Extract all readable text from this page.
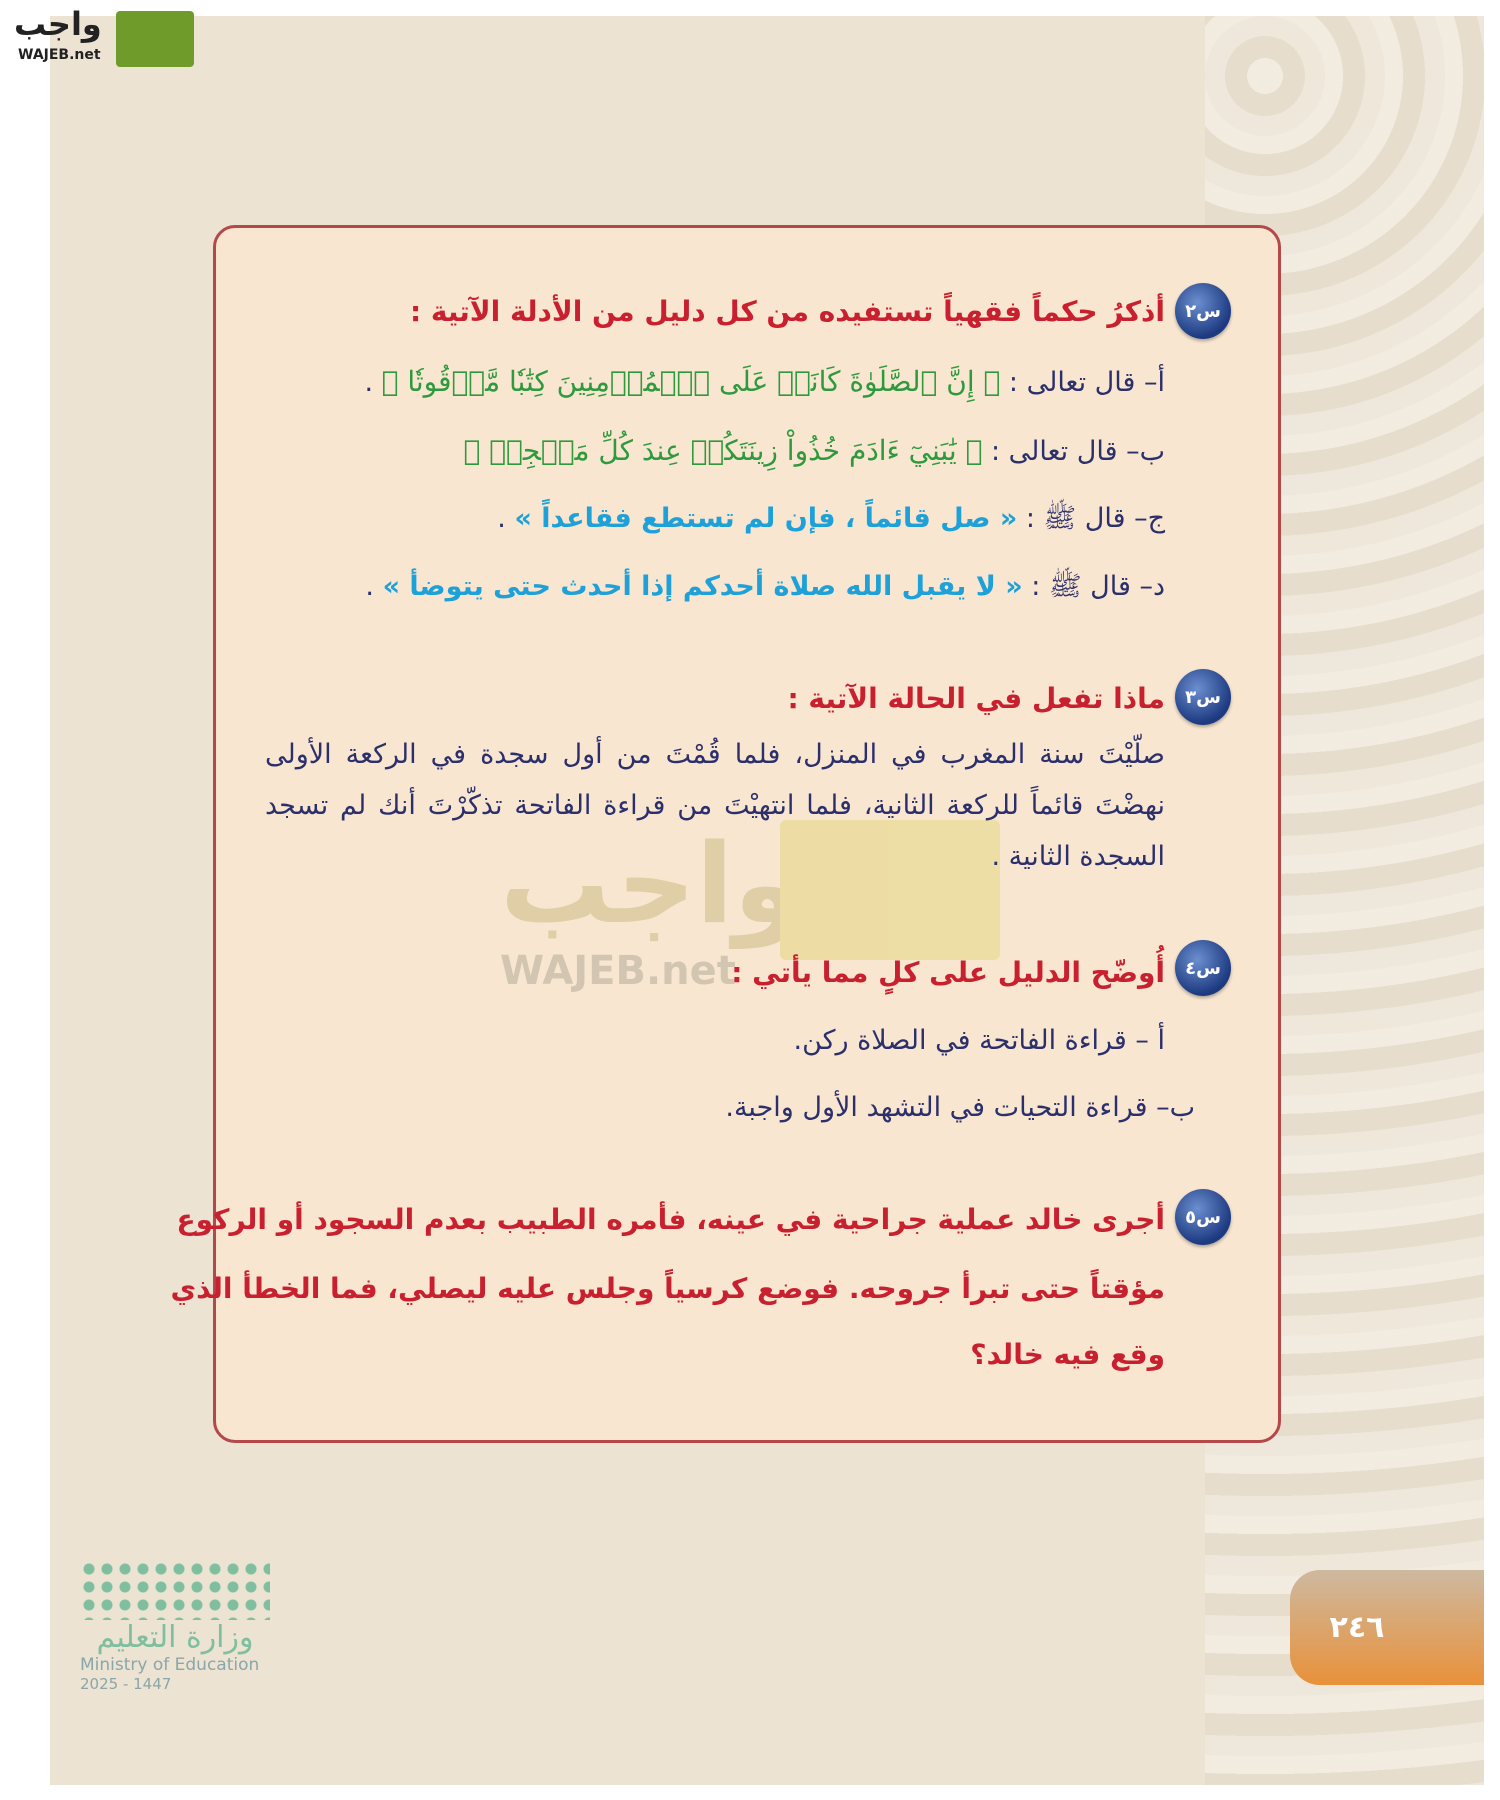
واجب
WAJEB.net
واجب
WAJEB.net
س٢
أذكرُ حكماً فقهياً تستفيده من كل دليل من الأدلة الآتية :
أ– قال تعالى : ﴿ إِنَّ ٱلصَّلَوٰةَ كَانَتۡ عَلَى ٱلۡمُؤۡمِنِينَ كِتَٰبٗا مَّوۡقُوتٗا ﴾ .
ب– قال تعالى : ﴿ يَٰبَنِيٓ ءَادَمَ خُذُواْ زِينَتَكُمۡ عِندَ كُلِّ مَسۡجِدٖ ﴾
ج– قال ﷺ : « صل قائماً ، فإن لم تستطع فقاعداً » .
د– قال ﷺ : « لا يقبل الله صلاة أحدكم إذا أحدث حتى يتوضأ » .
س٣
ماذا تفعل في الحالة الآتية :
صلّيْتَ سنة المغرب في المنزل، فلما قُمْتَ من أول سجدة في الركعة الأولى نهضْتَ قائماً للركعة الثانية، فلما انتهيْتَ من قراءة الفاتحة تذكّرْتَ أنك لم تسجد السجدة الثانية .
س٤
أُوضّح الدليل على كلٍ مما يأتي :
أ – قراءة الفاتحة في الصلاة ركن.
ب– قراءة التحيات في التشهد الأول واجبة.
س٥
أجرى خالد عملية جراحية في عينه، فأمره الطبيب بعدم السجود أو الركوع
مؤقتاً حتى تبرأ جروحه. فوضع كرسياً وجلس عليه ليصلي، فما الخطأ الذي
وقع فيه خالد؟
وزارة التعليم
Ministry of Education
2025 - 1447
٢٤٦
